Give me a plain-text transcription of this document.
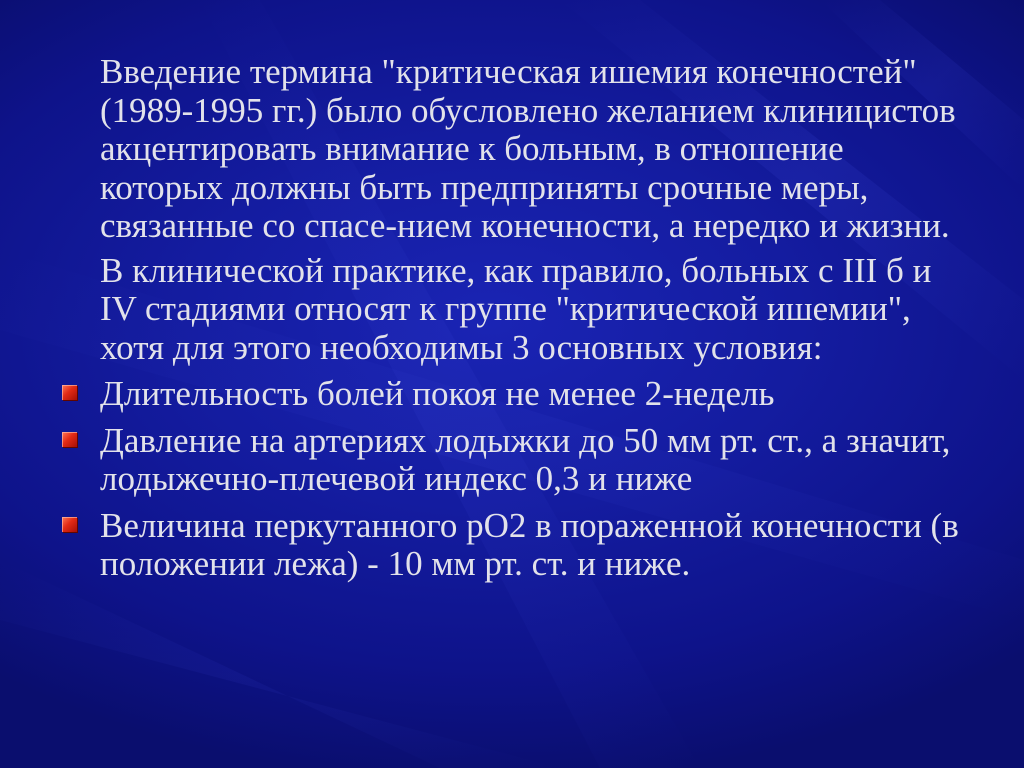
Введение термина "критическая ишемия конечностей" (1989-1995 гг.) было обусловлено желанием клиницистов акцентировать внимание к больным, в отношение которых должны быть предприняты срочные меры, связанные со спасе-нием конечности, а нередко и жизни.

В клинической практике, как правило, больных с III б и IV стадиями относят к группе "критической ишемии", хотя для этого необходимы 3 основных условия:

Длительность болей покоя не менее 2-недель
Давление на артериях лодыжки до 50 мм рт. ст., а значит, лодыжечно-плечевой индекс 0,3 и ниже
Величина перкутанного рО2 в пораженной конечности (в положении лежа) - 10 мм рт. ст. и ниже.
